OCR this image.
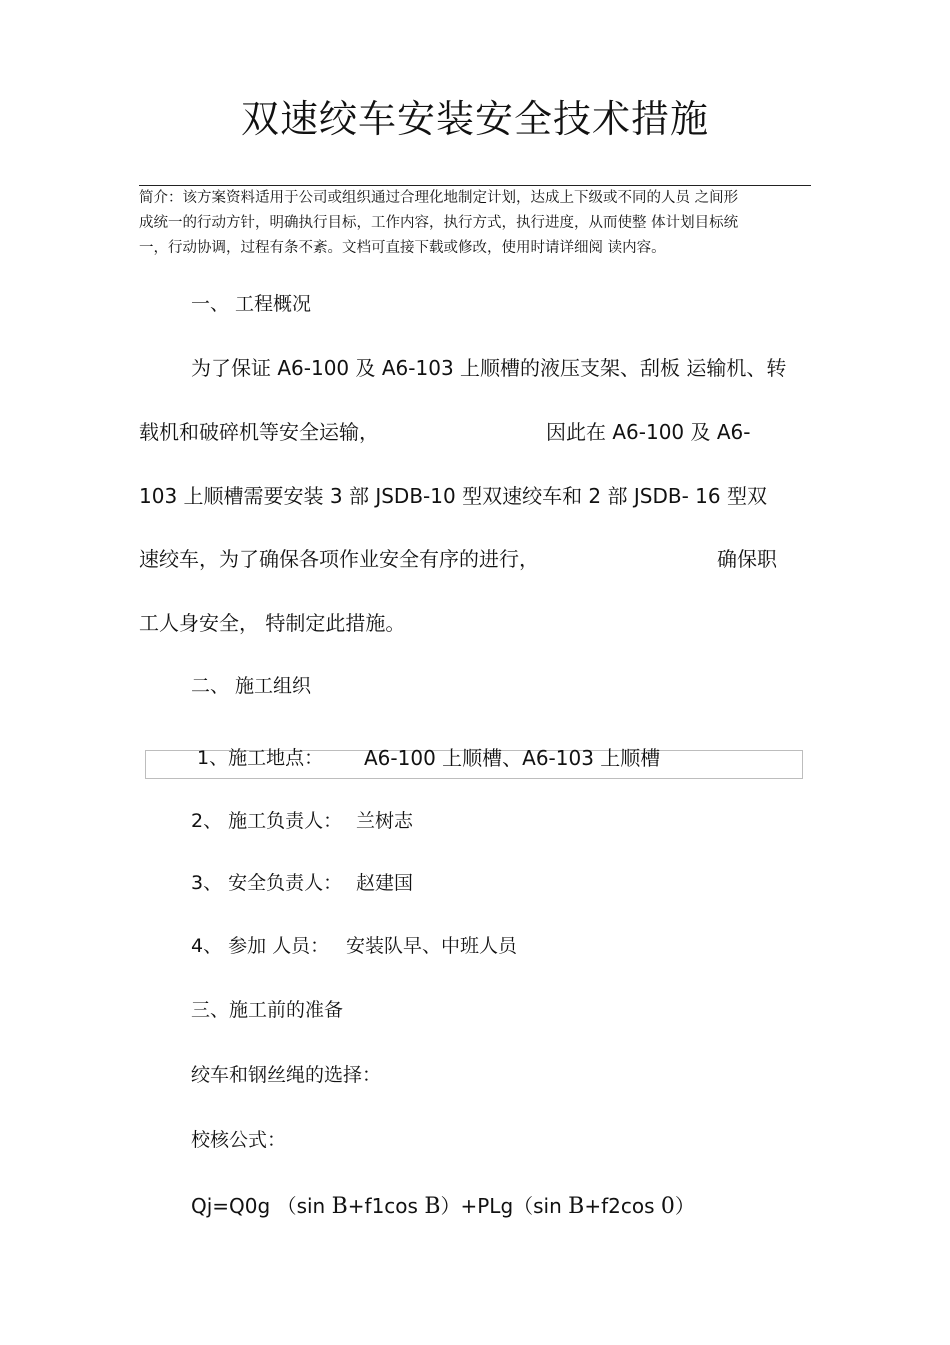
双速绞车安装安全技术措施
简介：该方案资料适用于公司或组织通过合理化地制定计划，达成上下级或不同的人员 之间形
成统一的行动方针，明确执行目标，工作内容，执行方式，执行进度，从而使整 体计划目标统
一，行动协调，过程有条不紊。文档可直接下载或修改，使用时请详细阅 读内容。
一、 工程概况
为了保证 A6-100 及 A6-103 上顺槽的液压支架、刮板 运输机、转
载机和破碎机等安全运输，	因此在 A6-100 及 A6-
103 上顺槽需要安装 3 部 JSDB-10 型双速绞车和 2 部 JSDB- 16 型双
速绞车，为了确保各项作业安全有序的进行，	确保职
工人身安全， 特制定此措施。
二、 施工组织
1、施工地点： A6-100 上顺槽、A6-103 上顺槽
2、 施工负责人： 兰树志
3、 安全负责人： 赵建国
4、 参加 人员： 安装队早、中班人员
三、施工前的准备
绞车和钢丝绳的选择：
校核公式：
Qj=Q0g （sin B+f1cos B）+PLg（sin B+f2cos 0）
